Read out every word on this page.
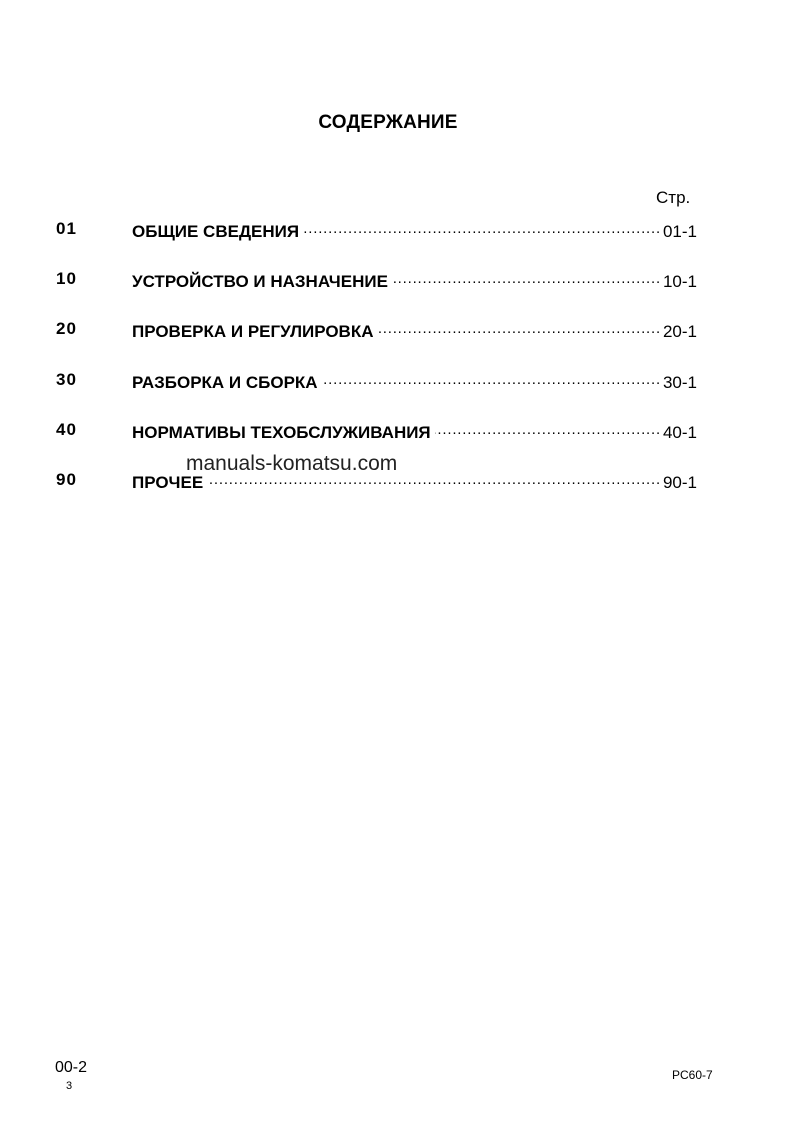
СОДЕРЖАНИЕ
Стр.
01	ОБЩИЕ СВЕДЕНИЯ .....	01-1
10	УСТРОЙСТВО И НАЗНАЧЕНИЕ .....	10-1
20	ПРОВЕРКА И РЕГУЛИРОВКА .....	20-1
30	РАЗБОРКА И СБОРКА .....	30-1
40	НОРМАТИВЫ ТЕХОБСЛУЖИВАНИЯ .....	40-1
90	ПРОЧЕЕ .....	90-1
manuals-komatsu.com
00-2
3
PC60-7
